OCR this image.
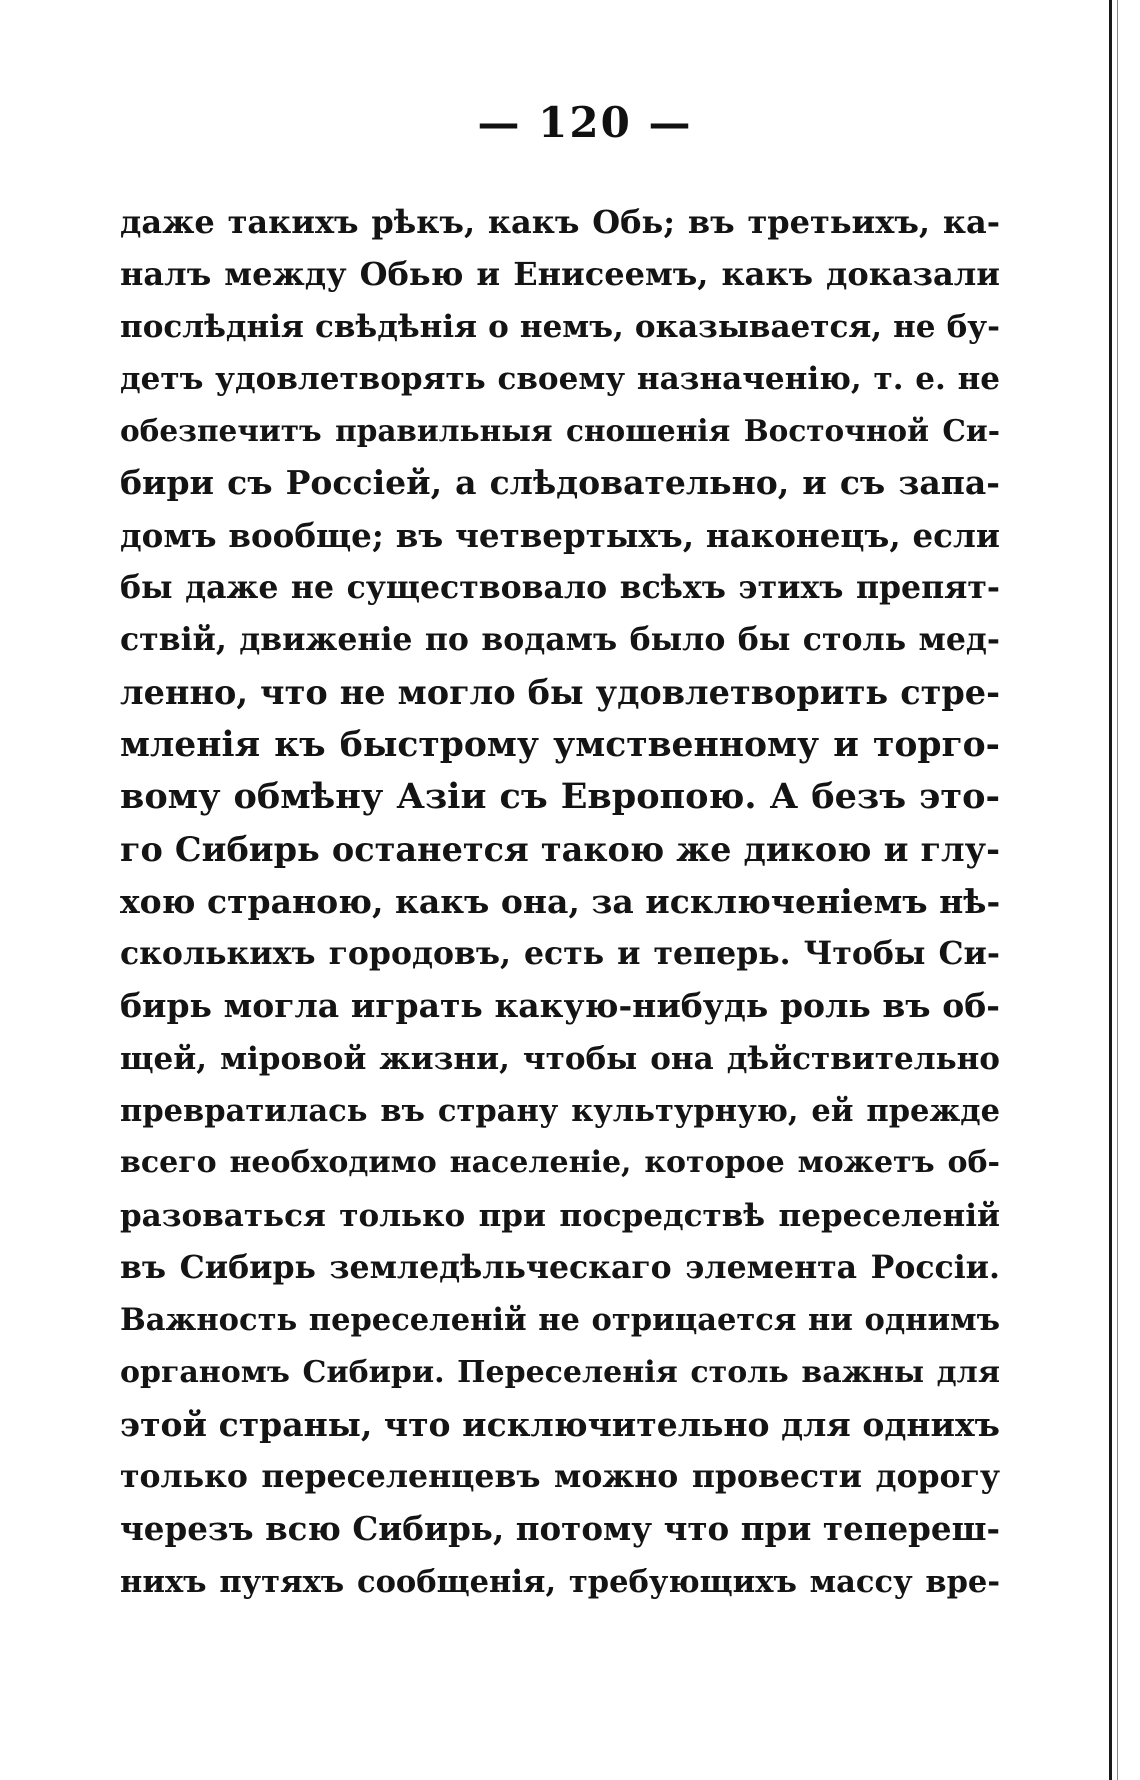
— 120 —
даже такихъ рѣкъ, какъ Обь; въ третьихъ, ка-
налъ между Обью и Енисеемъ, какъ доказали
послѣднія свѣдѣнія о немъ, оказывается, не бу-
детъ удовлетворять своему назначенію, т. е. не
обезпечитъ правильныя сношенія Восточной Си-
бири съ Россіей, а слѣдовательно, и съ запа-
домъ вообще; въ четвертыхъ, наконецъ, если
бы даже не существовало всѣхъ этихъ препят-
ствій, движеніе по водамъ было бы столь мед-
ленно, что не могло бы удовлетворить стре-
мленія къ быстрому умственному и торго-
вому обмѣну Азіи съ Европою. А безъ это-
го Сибирь останется такою же дикою и глу-
хою страною, какъ она, за исключеніемъ нѣ-
сколькихъ городовъ, есть и теперь. Чтобы Си-
бирь могла играть какую-нибудь роль въ об-
щей, міровой жизни, чтобы она дѣйствительно
превратилась въ страну культурную, ей прежде
всего необходимо населеніе, которое можетъ об-
разоваться только при посредствѣ переселеній
въ Сибирь земледѣльческаго элемента Россіи.
Важность переселеній не отрицается ни однимъ
органомъ Сибири. Переселенія столь важны для
этой страны, что исключительно для однихъ
только переселенцевъ можно провести дорогу
черезъ всю Сибирь, потому что при теперeш-
нихъ путяхъ сообщенія, требующихъ массу вре-
